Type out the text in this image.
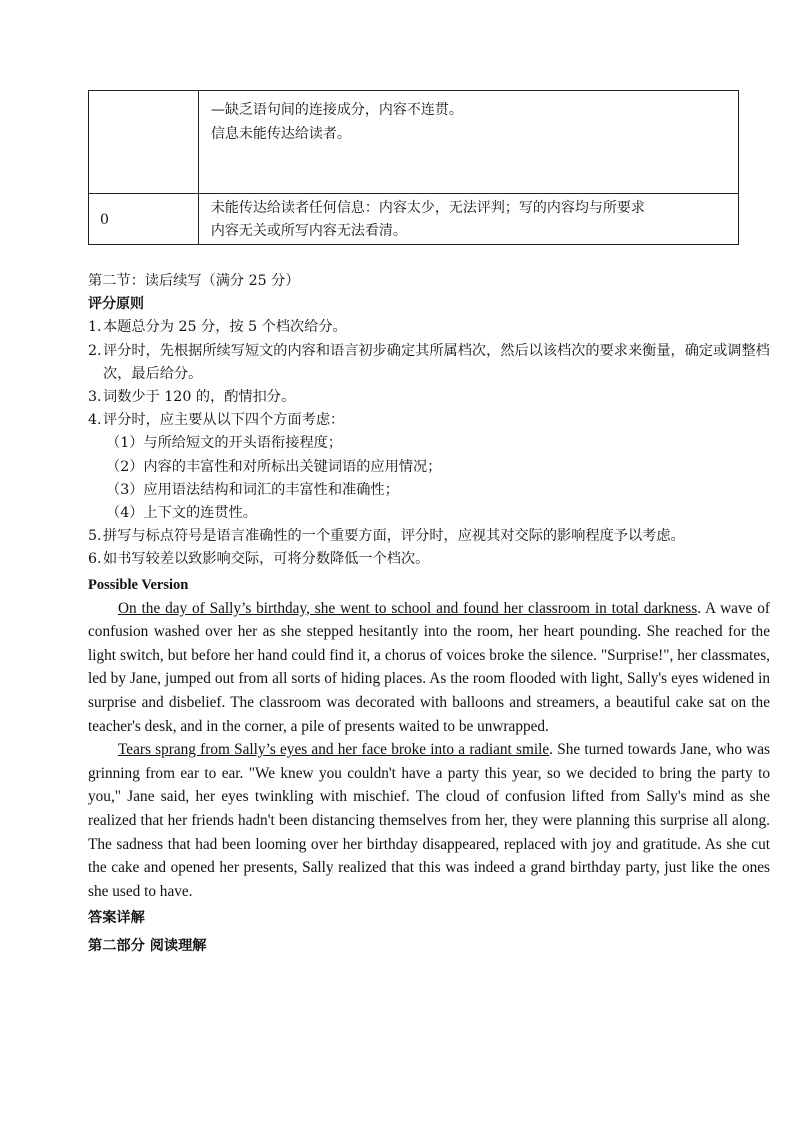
	—缺乏语句间的连接成分，内容不连贯。
信息未能传达给读者。

0	未能传达给读者任何信息：内容太少，无法评判；写的内容均与所要求
内容无关或所写内容无法看清。

第二节：读后续写（满分 25 分）

评分原则

1. 本题总分为 25 分，按 5 个档次给分。
2. 评分时，先根据所续写短文的内容和语言初步确定其所属档次，然后以该档次的要求来衡量，确定或调整档次，最后给分。
3. 词数少于 120 的，酌情扣分。
4. 评分时，应主要从以下四个方面考虑：
（1）与所给短文的开头语衔接程度；
（2）内容的丰富性和对所标出关键词语的应用情况；
（3）应用语法结构和词汇的丰富性和准确性；
（4）上下文的连贯性。
5. 拼写与标点符号是语言准确性的一个重要方面，评分时，应视其对交际的影响程度予以考虑。
6. 如书写较差以致影响交际，可将分数降低一个档次。
Possible Version

On the day of Sally’s birthday, she went to school and found her classroom in total darkness. A wave of confusion washed over her as she stepped hesitantly into the room, her heart pounding. She reached for the light switch, but before her hand could find it, a chorus of voices broke the silence. "Surprise!", her classmates, led by Jane, jumped out from all sorts of hiding places. As the room flooded with light, Sally's eyes widened in surprise and disbelief. The classroom was decorated with balloons and streamers, a beautiful cake sat on the teacher's desk, and in the corner, a pile of presents waited to be unwrapped.

Tears sprang from Sally’s eyes and her face broke into a radiant smile. She turned towards Jane, who was grinning from ear to ear. "We knew you couldn't have a party this year, so we decided to bring the party to you," Jane said, her eyes twinkling with mischief. The cloud of confusion lifted from Sally's mind as she realized that her friends hadn't been distancing themselves from her, they were planning this surprise all along. The sadness that had been looming over her birthday disappeared, replaced with joy and gratitude. As she cut the cake and opened her presents, Sally realized that this was indeed a grand birthday party, just like the ones she used to have.

答案详解
第二部分 阅读理解
